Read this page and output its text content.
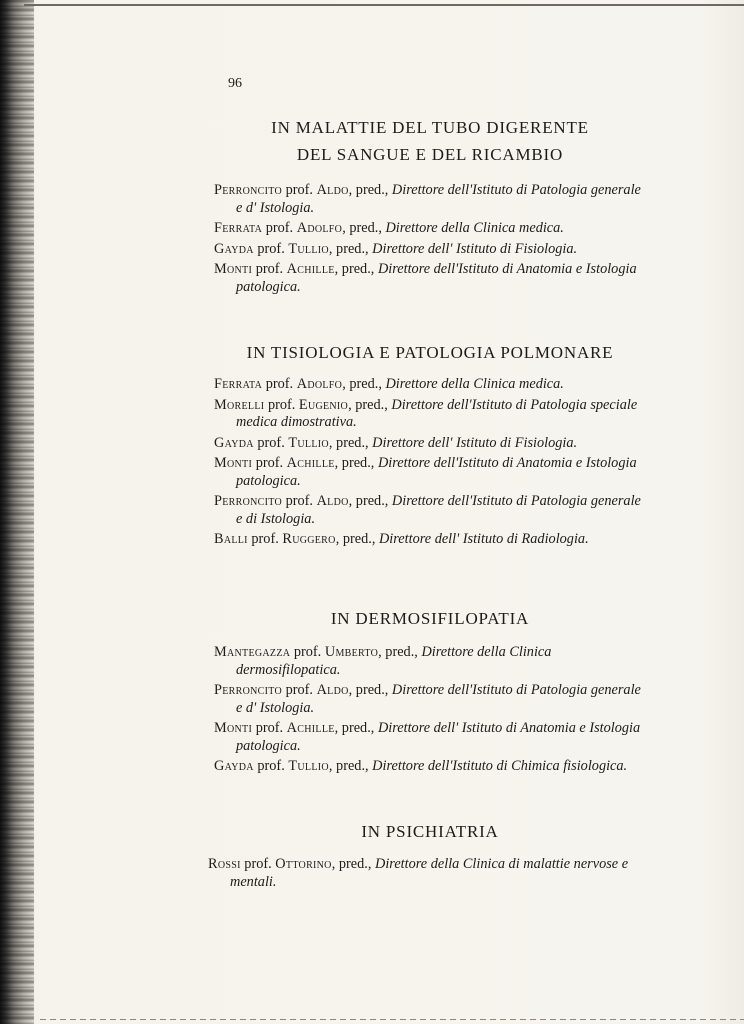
96
IN MALATTIE DEL TUBO DIGERENTE
DEL SANGUE E DEL RICAMBIO

Perroncito prof. Aldo, pred., Direttore dell'Istituto di Patologia generale e d' Istologia.

Ferrata prof. Adolfo, pred., Direttore della Clinica medica.

Gayda prof. Tullio, pred., Direttore dell' Istituto di Fisiologia.

Monti prof. Achille, pred., Direttore dell'Istituto di Anatomia e Istologia patologica.

IN TISIOLOGIA E PATOLOGIA POLMONARE

Ferrata prof. Adolfo, pred., Direttore della Clinica medica.

Morelli prof. Eugenio, pred., Direttore dell'Istituto di Patologia speciale medica dimostrativa.

Gayda prof. Tullio, pred., Direttore dell' Istituto di Fisiologia.

Monti prof. Achille, pred., Direttore dell'Istituto di Anatomia e Istologia patologica.

Perroncito prof. Aldo, pred., Direttore dell'Istituto di Patologia generale e di Istologia.

Balli prof. Ruggero, pred., Direttore dell' Istituto di Radiologia.

IN DERMOSIFILOPATIA

Mantegazza prof. Umberto, pred., Direttore della Clinica dermosifilopatica.

Perroncito prof. Aldo, pred., Direttore dell'Istituto di Patologia generale e d' Istologia.

Monti prof. Achille, pred., Direttore dell' Istituto di Anatomia e Istologia patologica.

Gayda prof. Tullio, pred., Direttore dell'Istituto di Chimica fisiologica.

IN PSICHIATRIA

Rossi prof. Ottorino, pred., Direttore della Clinica di malattie nervose e mentali.
